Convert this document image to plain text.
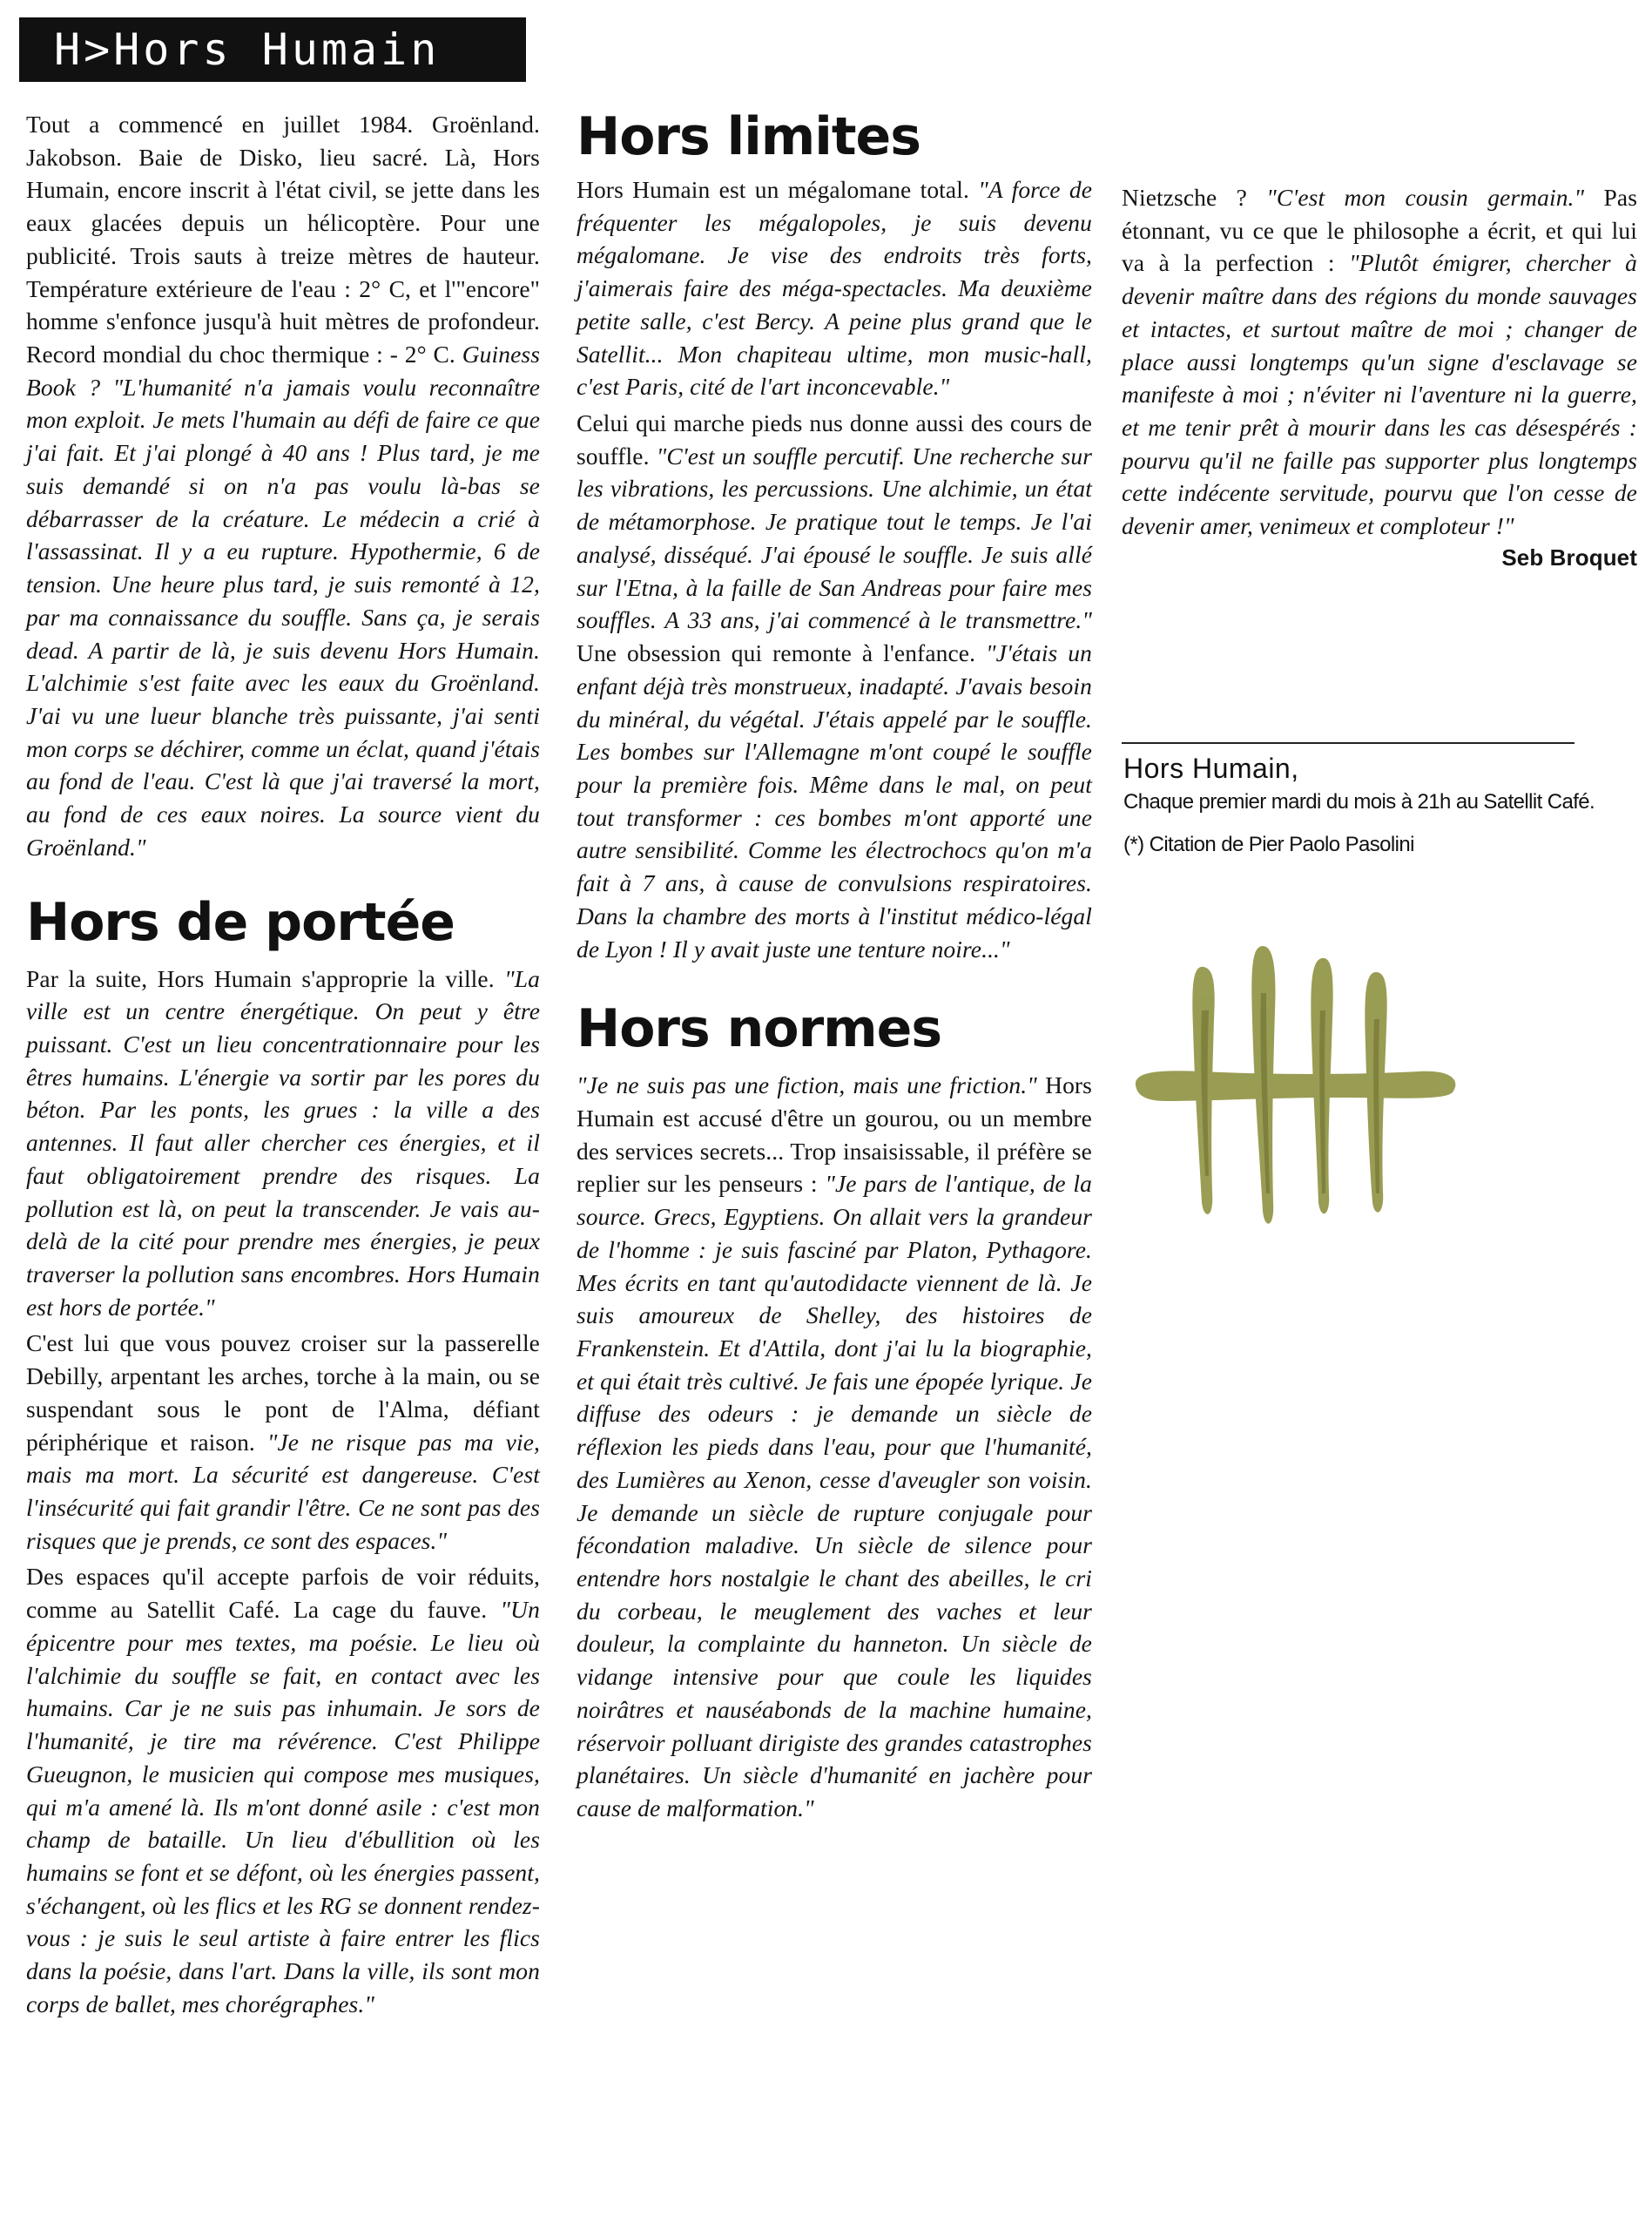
H>Hors Humain

Tout a commencé en juillet 1984. Groënland. Jakobson. Baie de Disko, lieu sacré. Là, Hors Humain, encore inscrit à l'état civil, se jette dans les eaux glacées depuis un hélicoptère. Pour une publicité. Trois sauts à treize mètres de hauteur. Température extérieure de l'eau : 2° C, et l'"encore" homme s'enfonce jusqu'à huit mètres de profondeur. Record mondial du choc thermique : - 2° C. Guiness Book ? "L'humanité n'a jamais voulu reconnaître mon exploit. Je mets l'humain au défi de faire ce que j'ai fait. Et j'ai plongé à 40 ans ! Plus tard, je me suis demandé si on n'a pas voulu là-bas se débarrasser de la créature. Le médecin a crié à l'assassinat. Il y a eu rupture. Hypothermie, 6 de tension. Une heure plus tard, je suis remonté à 12, par ma connaissance du souffle. Sans ça, je serais dead. A partir de là, je suis devenu Hors Humain. L'alchimie s'est faite avec les eaux du Groënland. J'ai vu une lueur blanche très puissante, j'ai senti mon corps se déchirer, comme un éclat, quand j'étais au fond de l'eau. C'est là que j'ai traversé la mort, au fond de ces eaux noires. La source vient du Groënland."

Hors de portée

Par la suite, Hors Humain s'approprie la ville. "La ville est un centre énergétique. On peut y être puissant. C'est un lieu concentrationnaire pour les êtres humains. L'énergie va sortir par les pores du béton. Par les ponts, les grues : la ville a des antennes. Il faut aller chercher ces énergies, et il faut obligatoirement prendre des risques. La pollution est là, on peut la transcender. Je vais au-delà de la cité pour prendre mes énergies, je peux traverser la pollution sans encombres. Hors Humain est hors de portée."

C'est lui que vous pouvez croiser sur la passerelle Debilly, arpentant les arches, torche à la main, ou se suspendant sous le pont de l'Alma, défiant périphérique et raison. "Je ne risque pas ma vie, mais ma mort. La sécurité est dangereuse. C'est l'insécurité qui fait grandir l'être. Ce ne sont pas des risques que je prends, ce sont des espaces."

Des espaces qu'il accepte parfois de voir réduits, comme au Satellit Café. La cage du fauve. "Un épicentre pour mes textes, ma poésie. Le lieu où l'alchimie du souffle se fait, en contact avec les humains. Car je ne suis pas inhumain. Je sors de l'humanité, je tire ma révérence. C'est Philippe Gueugnon, le musicien qui compose mes musiques, qui m'a amené là. Ils m'ont donné asile : c'est mon champ de bataille. Un lieu d'ébullition où les humains se font et se défont, où les énergies passent, s'échangent, où les flics et les RG se donnent rendez-vous : je suis le seul artiste à faire entrer les flics dans la poésie, dans l'art. Dans la ville, ils sont mon corps de ballet, mes chorégraphes."

Hors limites

Hors Humain est un mégalomane total. "A force de fréquenter les mégalopoles, je suis devenu mégalomane. Je vise des endroits très forts, j'aimerais faire des méga-spectacles. Ma deuxième petite salle, c'est Bercy. A peine plus grand que le Satellit... Mon chapiteau ultime, mon music-hall, c'est Paris, cité de l'art inconcevable."

Celui qui marche pieds nus donne aussi des cours de souffle. "C'est un souffle percutif. Une recherche sur les vibrations, les percussions. Une alchimie, un état de métamorphose. Je pratique tout le temps. Je l'ai analysé, disséqué. J'ai épousé le souffle. Je suis allé sur l'Etna, à la faille de San Andreas pour faire mes souffles. A 33 ans, j'ai commencé à le transmettre." Une obsession qui remonte à l'enfance. "J'étais un enfant déjà très monstrueux, inadapté. J'avais besoin du minéral, du végétal. J'étais appelé par le souffle. Les bombes sur l'Allemagne m'ont coupé le souffle pour la première fois. Même dans le mal, on peut tout transformer : ces bombes m'ont apporté une autre sensibilité. Comme les électrochocs qu'on m'a fait à 7 ans, à cause de convulsions respiratoires. Dans la chambre des morts à l'institut médico-légal de Lyon ! Il y avait juste une tenture noire..."

Hors normes

"Je ne suis pas une fiction, mais une friction." Hors Humain est accusé d'être un gourou, ou un membre des services secrets... Trop insaisissable, il préfère se replier sur les penseurs : "Je pars de l'antique, de la source. Grecs, Egyptiens. On allait vers la grandeur de l'homme : je suis fasciné par Platon, Pythagore. Mes écrits en tant qu'autodidacte viennent de là. Je suis amoureux de Shelley, des histoires de Frankenstein. Et d'Attila, dont j'ai lu la biographie, et qui était très cultivé. Je fais une épopée lyrique. Je diffuse des odeurs : je demande un siècle de réflexion les pieds dans l'eau, pour que l'humanité, des Lumières au Xenon, cesse d'aveugler son voisin. Je demande un siècle de rupture conjugale pour fécondation maladive. Un siècle de silence pour entendre hors nostalgie le chant des abeilles, le cri du corbeau, le meuglement des vaches et leur douleur, la complainte du hanneton. Un siècle de vidange intensive pour que coule les liquides noirâtres et nauséabonds de la machine humaine, réservoir polluant dirigiste des grandes catastrophes planétaires. Un siècle d'humanité en jachère pour cause de malformation."

Nietzsche ? "C'est mon cousin germain." Pas étonnant, vu ce que le philosophe a écrit, et qui lui va à la perfection : "Plutôt émigrer, chercher à devenir maître dans des régions du monde sauvages et intactes, et surtout maître de moi ; changer de place aussi longtemps qu'un signe d'esclavage se manifeste à moi ; n'éviter ni l'aventure ni la guerre, et me tenir prêt à mourir dans les cas désespérés : pourvu qu'il ne faille pas supporter plus longtemps cette indécente servitude, pourvu que l'on cesse de devenir amer, venimeux et comploteur !"
Seb Broquet

Hors Humain,
Chaque premier mardi du mois à 21h au Satellit Café.
(*) Citation de Pier Paolo Pasolini
